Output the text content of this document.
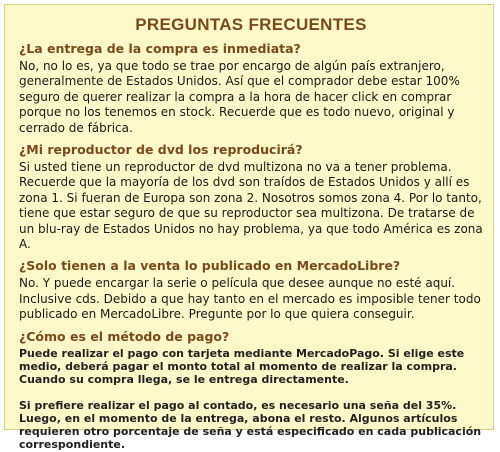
PREGUNTAS FRECUENTES
¿La entrega de la compra es inmediata?

No, no lo es, ya que todo se trae por encargo de algún país extranjero, generalmente de Estados Unidos. Así que el comprador debe estar 100% seguro de querer realizar la compra a la hora de hacer click en comprar porque no los tenemos en stock. Recuerde que es todo nuevo, original y cerrado de fábrica.

¿Mi reproductor de dvd los reproducirá?

Si usted tiene un reproductor de dvd multizona no va a tener problema. Recuerde que la mayoría de los dvd son traídos de Estados Unidos y allí es zona 1. Si fueran de Europa son zona 2. Nosotros somos zona 4. Por lo tanto, tiene que estar seguro de que su reproductor sea multizona. De tratarse de un blu-ray de Estados Unidos no hay problema, ya que todo América es zona A.

¿Solo tienen a la venta lo publicado en MercadoLibre?

No. Y puede encargar la serie o película que desee aunque no esté aquí. Inclusive cds. Debido a que hay tanto en el mercado es imposible tener todo publicado en MercadoLibre. Pregunte por lo que quiera conseguir.

¿Cómo es el método de pago?

Puede realizar el pago con tarjeta mediante MercadoPago. Si elige este medio, deberá pagar el monto total al momento de realizar la compra. Cuando su compra llega, se le entrega directamente.

Si prefiere realizar el pago al contado, es necesario una seña del 35%. Luego, en el momento de la entrega, abona el resto. Algunos artículos requieren otro porcentaje de seña y está especificado en cada publicación correspondiente.
